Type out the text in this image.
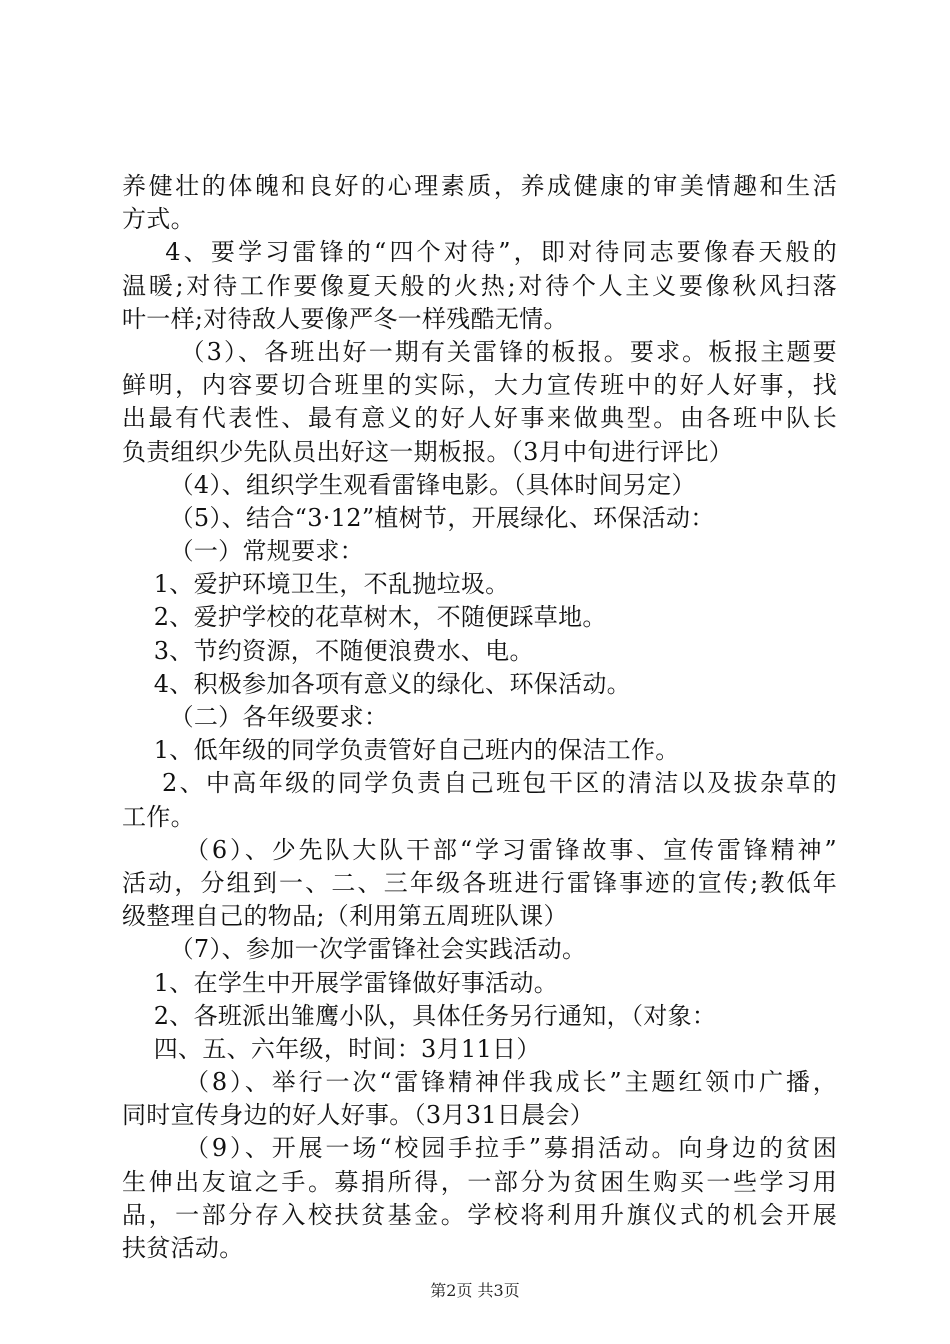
养健壮的体魄和良好的心理素质，养成健康的审美情趣和生活
方式。
4、要学习雷锋的“四个对待”，即对待同志要像春天般的
温暖;对待工作要像夏天般的火热;对待个人主义要像秋风扫落
叶一样;对待敌人要像严冬一样残酷无情。
（3）、各班出好一期有关雷锋的板报。要求。板报主题要
鲜明，内容要切合班里的实际，大力宣传班中的好人好事，找
出最有代表性、最有意义的好人好事来做典型。由各班中队长
负责组织少先队员出好这一期板报。（3月中旬进行评比）
（4）、组织学生观看雷锋电影。（具体时间另定）
（5）、结合“3·12”植树节，开展绿化、环保活动：
（一）常规要求：
1、爱护环境卫生，不乱抛垃圾。
2、爱护学校的花草树木，不随便踩草地。
3、节约资源，不随便浪费水、电。
4、积极参加各项有意义的绿化、环保活动。
（二）各年级要求：
1、低年级的同学负责管好自己班内的保洁工作。
2、中高年级的同学负责自己班包干区的清洁以及拔杂草的
工作。
（6）、少先队大队干部“学习雷锋故事、宣传雷锋精神”
活动，分组到一、二、三年级各班进行雷锋事迹的宣传;教低年
级整理自己的物品;（利用第五周班队课）
（7）、参加一次学雷锋社会实践活动。
1、在学生中开展学雷锋做好事活动。
2、各班派出雏鹰小队，具体任务另行通知，（对象：
四、五、六年级，时间：3月11日）
（8）、举行一次“雷锋精神伴我成长”主题红领巾广播，
同时宣传身边的好人好事。（3月31日晨会）
（9）、开展一场“校园手拉手”募捐活动。向身边的贫困
生伸出友谊之手。募捐所得，一部分为贫困生购买一些学习用
品，一部分存入校扶贫基金。学校将利用升旗仪式的机会开展
扶贫活动。
第2页 共3页
